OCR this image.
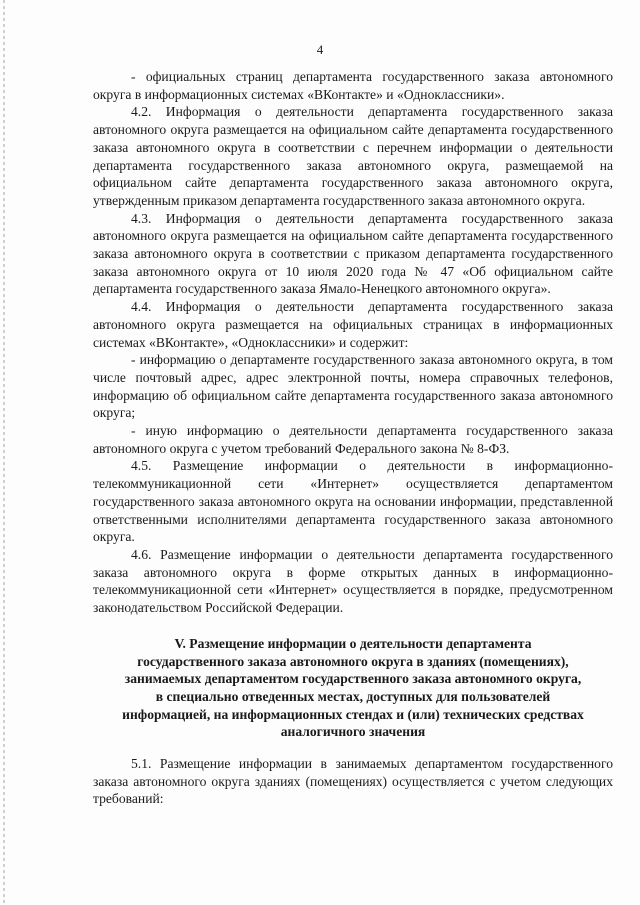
4

- официальных страниц департамента государственного заказа автономного округа в информационных системах «ВКонтакте» и «Одноклассники».

4.2. Информация о деятельности департамента государственного заказа автономного округа размещается на официальном сайте департамента государственного заказа автономного округа в соответствии с перечнем информации о деятельности департамента государственного заказа автономного округа, размещаемой на официальном сайте департамента государственного заказа автономного округа, утвержденным приказом департамента государственного заказа автономного округа.

4.3. Информация о деятельности департамента государственного заказа автономного округа размещается на официальном сайте департамента государственного заказа автономного округа в соответствии с приказом департамента государственного заказа автономного округа от 10 июля 2020 года № 47 «Об официальном сайте департамента государственного заказа Ямало-Ненецкого автономного округа».

4.4. Информация о деятельности департамента государственного заказа автономного округа размещается на официальных страницах в информационных системах «ВКонтакте», «Одноклассники» и содержит:

- информацию о департаменте государственного заказа автономного округа, в том числе почтовый адрес, адрес электронной почты, номера справочных телефонов, информацию об официальном сайте департамента государственного заказа автономного округа;

- иную информацию о деятельности департамента государственного заказа автономного округа с учетом требований Федерального закона № 8-ФЗ.

4.5. Размещение информации о деятельности в информационно-телекоммуникационной сети «Интернет» осуществляется департаментом государственного заказа автономного округа на основании информации, представленной ответственными исполнителями департамента государственного заказа автономного округа.

4.6. Размещение информации о деятельности департамента государственного заказа автономного округа в форме открытых данных в информационно-телекоммуникационной сети «Интернет» осуществляется в порядке, предусмотренном законодательством Российской Федерации.

V. Размещение информации о деятельности департамента
государственного заказа автономного округа в зданиях (помещениях),
занимаемых департаментом государственного заказа автономного округа,
в специально отведенных местах, доступных для пользователей
информацией, на информационных стендах и (или) технических средствах
аналогичного значения

5.1. Размещение информации в занимаемых департаментом государственного заказа автономного округа зданиях (помещениях) осуществляется с учетом следующих требований:
